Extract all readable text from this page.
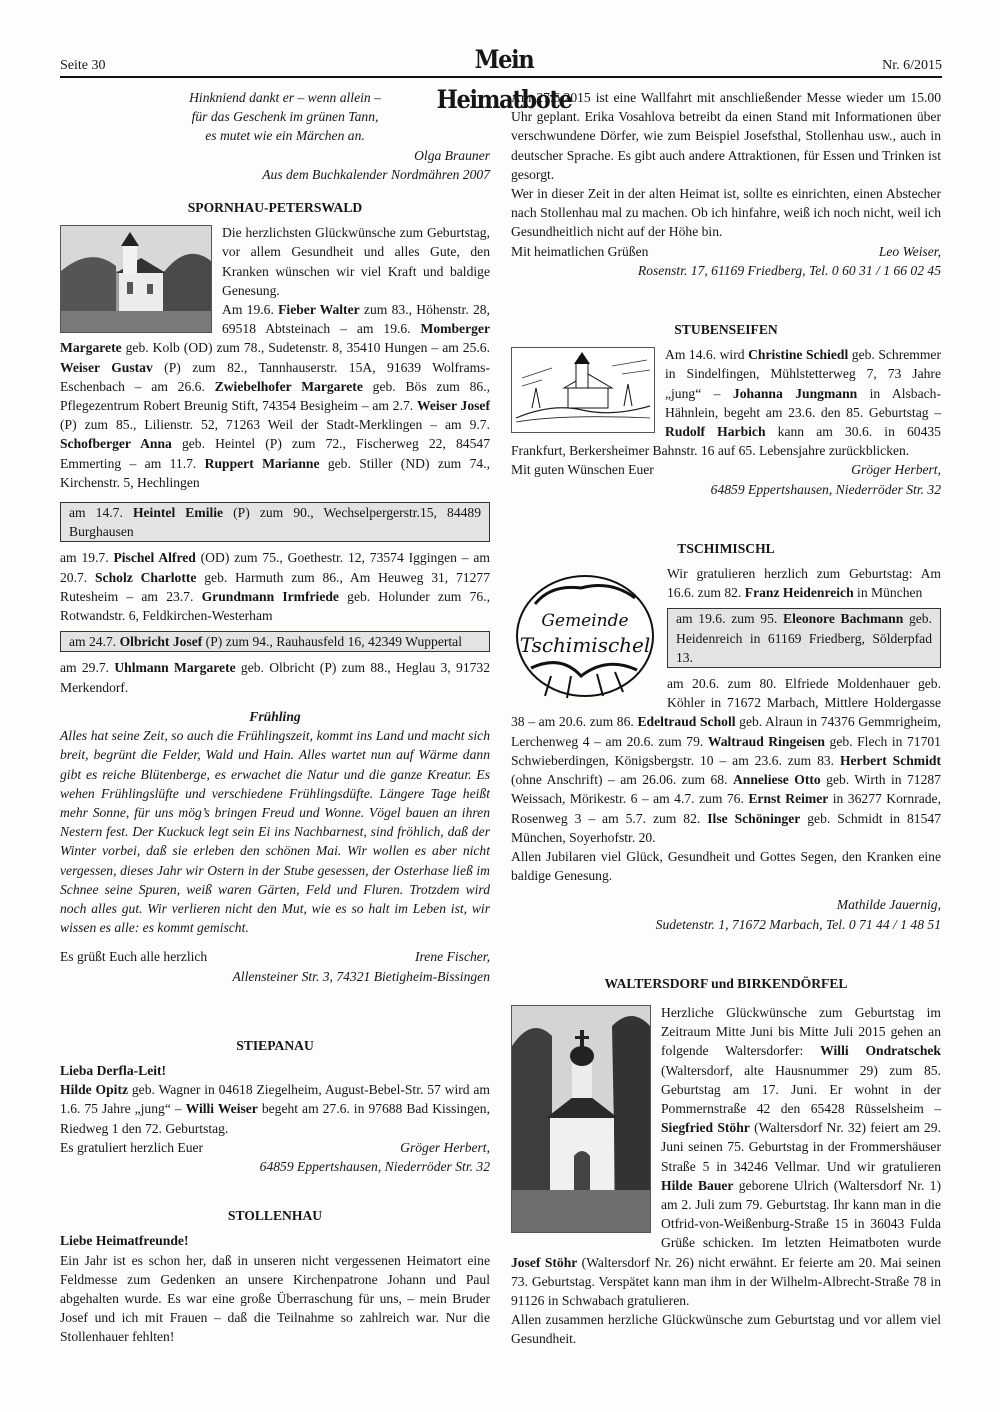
Seite 30	Mein Heimatbote
Nr. 6/2015
Hinkniend dankt er – wenn allein –
für das Geschenk im grünen Tann,
es mutet wie ein Märchen an.
Olga Brauner
Aus dem Buchkalender Nordmähren 2007
SPORNHAU-PETERSWALD

Die herzlichsten Glückwünsche zum Geburtstag, vor allem Gesundheit und alles Gute, den Kranken wünschen wir viel Kraft und baldige Genesung.

Am 19.6. Fieber Walter zum 83., Höhenstr. 28, 69518 Abtsteinach – am 19.6. Momberger Margarete geb. Kolb (OD) zum 78., Sudetenstr. 8, 35410 Hungen – am 25.6. Weiser Gustav (P) zum 82., Tannhauserstr. 15A, 91639 Wolframs-Eschenbach – am 26.6. Zwiebelhofer Margarete geb. Bös zum 86., Pflegezentrum Robert Breunig Stift, 74354 Besigheim – am 2.7. Weiser Josef (P) zum 85., Lilienstr. 52, 71263 Weil der Stadt-Merklingen – am 9.7. Schofberger Anna geb. Heintel (P) zum 72., Fischerweg 22, 84547 Emmerting – am 11.7. Ruppert Marianne geb. Stiller (ND) zum 74., Kirchenstr. 5, Hechlingen

am 14.7. Heintel Emilie (P) zum 90., Wechselpergerstr.15, 84489 Burghausen

am 19.7. Pischel Alfred (OD) zum 75., Goethestr. 12, 73574 Iggingen – am 20.7. Scholz Charlotte geb. Harmuth zum 86., Am Heuweg 31, 71277 Rutesheim – am 23.7. Grundmann Irmfriede geb. Holunder zum 76., Rotwandstr. 6, Feldkirchen-Westerham

am 24.7. Olbricht Josef (P) zum 94., Rauhausfeld 16, 42349 Wuppertal

am 29.7. Uhlmann Margarete geb. Olbricht (P) zum 88., Heglau 3, 91732 Merkendorf.

Frühling

Alles hat seine Zeit, so auch die Frühlingszeit, kommt ins Land und macht sich breit, begrünt die Felder, Wald und Hain. Alles wartet nun auf Wärme dann gibt es reiche Blütenberge, es erwachet die Natur und die ganze Kreatur. Es wehen Frühlingslüfte und verschiedene Frühlingsdüfte. Längere Tage heißt mehr Sonne, für uns mög’s bringen Freud und Wonne. Vögel bauen an ihren Nestern fest. Der Kuckuck legt sein Ei ins Nachbarnest, sind fröhlich, daß der Winter vorbei, daß sie erleben den schönen Mai. Wir wollen es aber nicht vergessen, dieses Jahr wir Ostern in der Stube gesessen, der Osterhase ließ im Schnee seine Spuren, weiß waren Gärten, Feld und Fluren. Trotzdem wird noch alles gut. Wir verlieren nicht den Mut, wie es so halt im Leben ist, wir wissen es alle: es kommt gemischt.

Es grüßt Euch alle herzlich	Irene Fischer,
Allensteiner Str. 3, 74321 Bietigheim-Bissingen
STIEPANAU
Lieba Derfla-Leit!

Hilde Opitz geb. Wagner in 04618 Ziegelheim, August-Bebel-Str. 57 wird am 1.6. 75 Jahre „jung“ – Willi Weiser begeht am 27.6. in 97688 Bad Kissingen, Riedweg 1 den 72. Geburtstag.

Es gratuliert herzlich Euer	Gröger Herbert,
64859 Eppertshausen, Niederröder Str. 32
STOLLENHAU
Liebe Heimatfreunde!

Ein Jahr ist es schon her, daß in unseren nicht vergessenen Heimatort eine Feldmesse zum Gedenken an unsere Kirchenpatrone Johann und Paul abgehalten wurde. Es war eine große Überraschung für uns, – mein Bruder Josef und ich mit Frauen – daß die Teilnahme so zahlreich war. Nur die Stollenhauer fehlten!

Am 27.6.2015 ist eine Wallfahrt mit anschließender Messe wieder um 15.00 Uhr geplant. Erika Vosahlova betreibt da einen Stand mit Informationen über verschwundene Dörfer, wie zum Beispiel Josefsthal, Stollenhau usw., auch in deutscher Sprache. Es gibt auch andere Attraktionen, für Essen und Trinken ist gesorgt.

Wer in dieser Zeit in der alten Heimat ist, sollte es einrichten, einen Abstecher nach Stollenhau mal zu machen. Ob ich hinfahre, weiß ich noch nicht, weil ich Gesundheitlich nicht auf der Höhe bin.

Mit heimatlichen Grüßen	Leo Weiser,
Rosenstr. 17, 61169 Friedberg, Tel. 0 60 31 / 1 66 02 45
STUBENSEIFEN

Am 14.6. wird Christine Schiedl geb. Schremmer in Sindelfingen, Mühlstetterweg 7, 73 Jahre „jung“ – Johanna Jungmann in Alsbach-Hähnlein, begeht am 23.6. den 85. Geburtstag – Rudolf Harbich kann am 30.6. in 60435 Frankfurt, Berkersheimer Bahnstr. 16 auf 65. Lebensjahre zurückblicken.

Mit guten Wünschen Euer	Gröger Herbert,
64859 Eppertshausen, Niederröder Str. 32
TSCHIMISCHL
Gemeinde
Tschimischel

Wir gratulieren herzlich zum Geburtstag: Am 16.6. zum 82. Franz Heidenreich in München

am 19.6. zum 95. Eleonore Bachmann geb. Heidenreich in 61169 Friedberg, Sölderpfad 13.

am 20.6. zum 80. Elfriede Moldenhauer geb. Köhler in 71672 Marbach, Mittlere Holdergasse 38 – am 20.6. zum 86. Edeltraud Scholl geb. Alraun in 74376 Gemmrigheim, Lerchenweg 4 – am 20.6. zum 79. Waltraud Ringeisen geb. Flech in 71701 Schwieberdingen, Königsbergstr. 10 – am 23.6. zum 83. Herbert Schmidt (ohne Anschrift) – am 26.06. zum 68. Anneliese Otto geb. Wirth in 71287 Weissach, Mörikestr. 6 – am 4.7. zum 76. Ernst Reimer in 36277 Kornrade, Rosenweg 3 – am 5.7. zum 82. Ilse Schöninger geb. Schmidt in 81547 München, Soyerhofstr. 20.

Allen Jubilaren viel Glück, Gesundheit und Gottes Segen, den Kranken eine baldige Genesung.

Mathilde Jauernig,
Sudetenstr. 1, 71672 Marbach, Tel. 0 71 44 / 1 48 51
WALTERSDORF und BIRKENDÖRFEL

Herzliche Glückwünsche zum Geburtstag im Zeitraum Mitte Juni bis Mitte Juli 2015 gehen an folgende Waltersdorfer: Willi Ondratschek (Waltersdorf, alte Hausnummer 29) zum 85. Geburtstag am 17. Juni. Er wohnt in der Pommernstraße 42 den 65428 Rüsselsheim – Siegfried Stöhr (Waltersdorf Nr. 32) feiert am 29. Juni seinen 75. Geburtstag in der Frommershäuser Straße 5 in 34246 Vellmar. Und wir gratulieren Hilde Bauer geborene Ulrich (Waltersdorf Nr. 1) am 2. Juli zum 79. Geburtstag. Ihr kann man in die Otfrid-von-Weißenburg-Straße 15 in 36043 Fulda Grüße schicken. Im letzten Heimatboten wurde Josef Stöhr (Waltersdorf Nr. 26) nicht erwähnt. Er feierte am 20. Mai seinen 73. Geburtstag. Verspätet kann man ihm in der Wilhelm-Albrecht-Straße 78 in 91126 in Schwabach gratulieren.

Allen zusammen herzliche Glückwünsche zum Geburtstag und vor allem viel Gesundheit.
